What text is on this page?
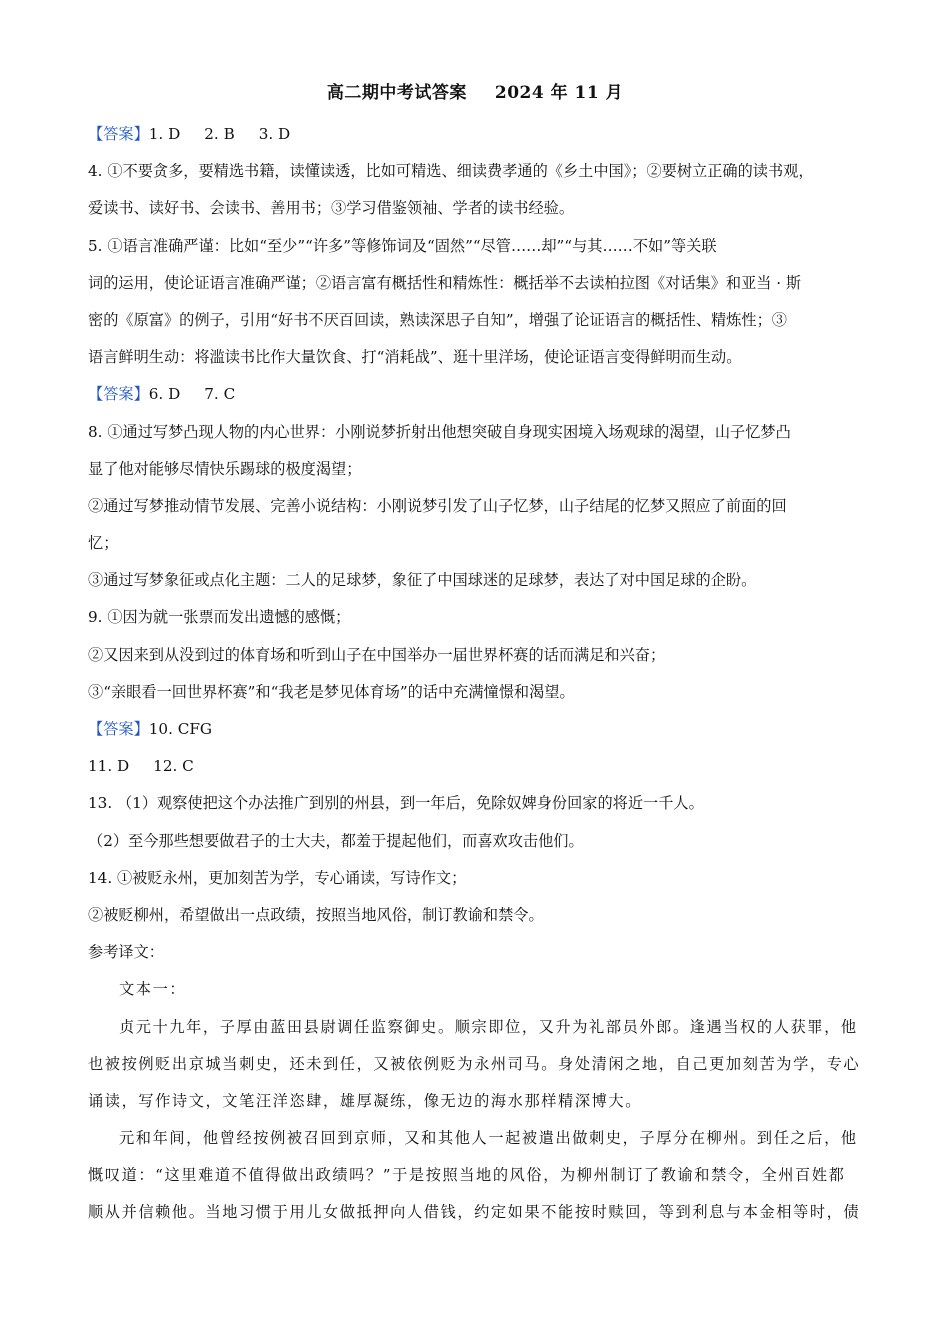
高二期中考试答案 2024 年 11 月

【答案】1. D 2. B 3. D

4. ①不要贪多，要精选书籍，读懂读透，比如可精选、细读费孝通的《乡土中国》；②要树立正确的读书观，

爱读书、读好书、会读书、善用书；③学习借鉴领袖、学者的读书经验。

5. ①语言准确严谨：比如“至少”“许多”等修饰词及“固然”“尽管……却”“与其……不如”等关联

词的运用，使论证语言准确严谨；②语言富有概括性和精炼性：概括举不去读柏拉图《对话集》和亚当 · 斯

密的《原富》的例子，引用“好书不厌百回读，熟读深思子自知”，增强了论证语言的概括性、精炼性；③

语言鲜明生动：将滥读书比作大量饮食、打“消耗战”、逛十里洋场，使论证语言变得鲜明而生动。

【答案】6. D 7. C

8. ①通过写梦凸现人物的内心世界：小刚说梦折射出他想突破自身现实困境入场观球的渴望，山子忆梦凸

显了他对能够尽情快乐踢球的极度渴望；

②通过写梦推动情节发展、完善小说结构：小刚说梦引发了山子忆梦，山子结尾的忆梦又照应了前面的回

忆；

③通过写梦象征或点化主题：二人的足球梦，象征了中国球迷的足球梦，表达了对中国足球的企盼。

9. ①因为就一张票而发出遗憾的感慨；

②又因来到从没到过的体育场和听到山子在中国举办一届世界杯赛的话而满足和兴奋；

③“亲眼看一回世界杯赛”和“我老是梦见体育场”的话中充满憧憬和渴望。

【答案】10. CFG

11. D 12. C

13. （1）观察使把这个办法推广到别的州县，到一年后，免除奴婢身份回家的将近一千人。

（2）至今那些想要做君子的士大夫，都羞于提起他们，而喜欢攻击他们。

14. ①被贬永州，更加刻苦为学，专心诵读，写诗作文；

②被贬柳州，希望做出一点政绩，按照当地风俗，制订教谕和禁令。

参考译文：

文本一：

贞元十九年，子厚由蓝田县尉调任监察御史。顺宗即位，又升为礼部员外郎。逢遇当权的人获罪，他

也被按例贬出京城当刺史，还未到任，又被依例贬为永州司马。身处清闲之地，自己更加刻苦为学，专心

诵读，写作诗文，文笔汪洋恣肆，雄厚凝练，像无边的海水那样精深博大。

元和年间，他曾经按例被召回到京师，又和其他人一起被遣出做刺史，子厚分在柳州。到任之后，他

慨叹道：“这里难道不值得做出政绩吗？”于是按照当地的风俗，为柳州制订了教谕和禁令，全州百姓都

顺从并信赖他。当地习惯于用儿女做抵押向人借钱，约定如果不能按时赎回，等到利息与本金相等时，债
